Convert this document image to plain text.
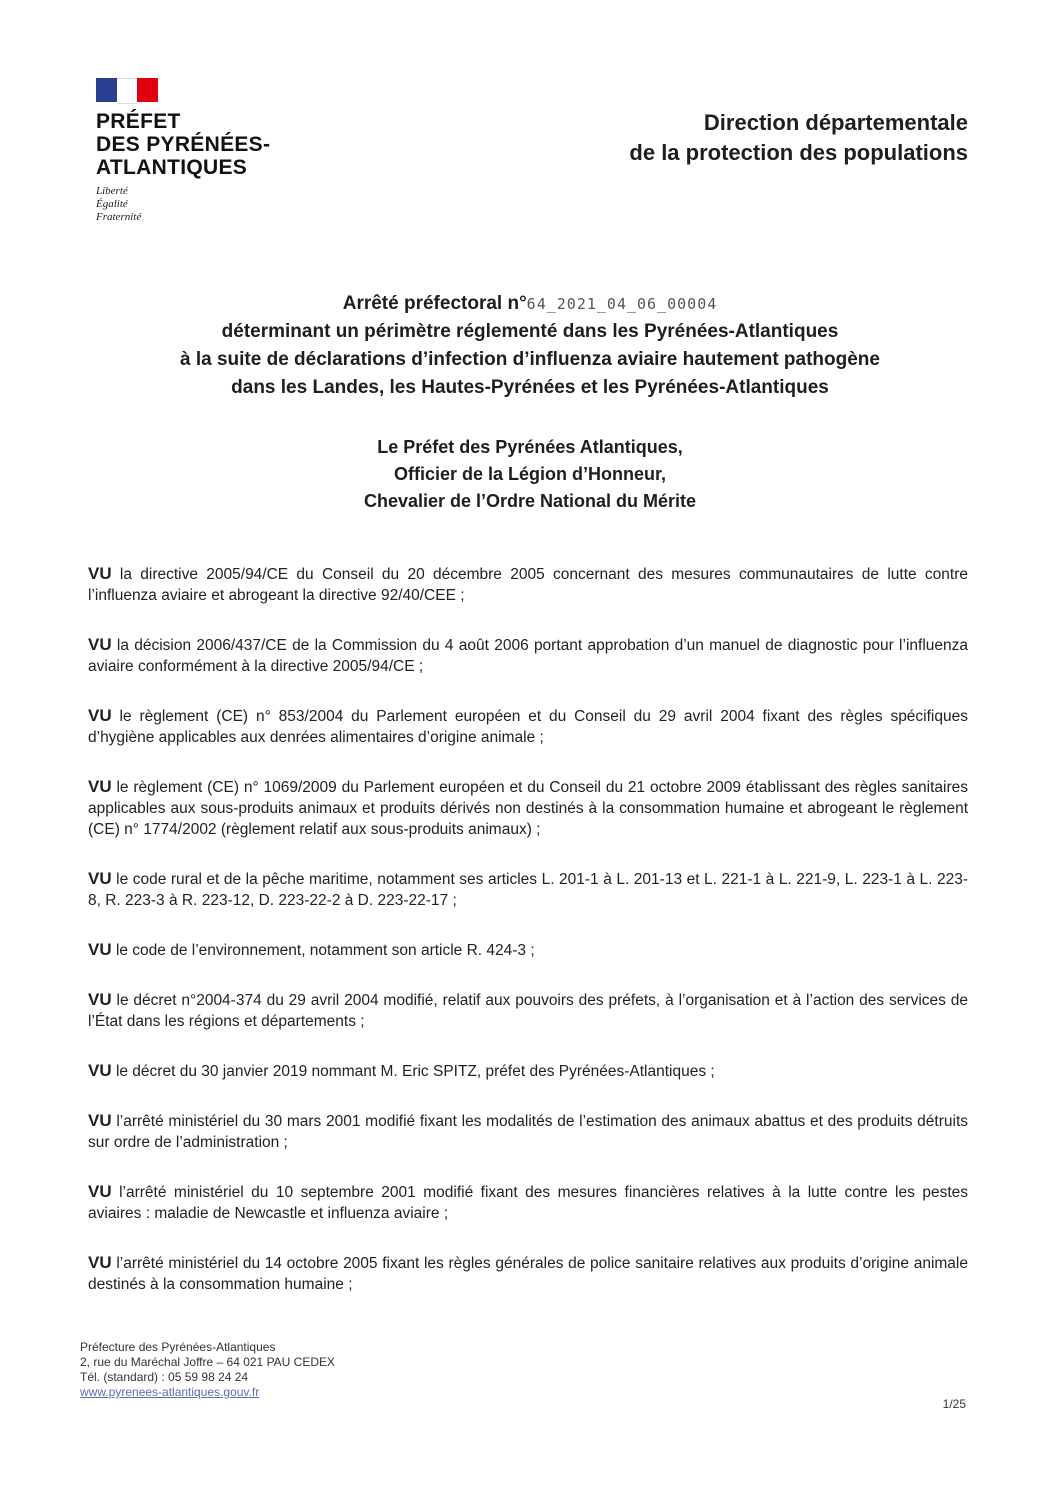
PRÉFET
DES PYRÉNÉES-
ATLANTIQUES
Liberté
Égalité
Fraternité
Direction départementale
de la protection des populations
Arrêté préfectoral n°64_2021_04_06_00004
déterminant un périmètre réglementé dans les Pyrénées-Atlantiques
à la suite de déclarations d’infection d’influenza aviaire hautement pathogène
dans les Landes, les Hautes-Pyrénées et les Pyrénées-Atlantiques
Le Préfet des Pyrénées Atlantiques,
Officier de la Légion d’Honneur,
Chevalier de l’Ordre National du Mérite

VU la directive 2005/94/CE du Conseil du 20 décembre 2005 concernant des mesures communautaires de lutte contre l’influenza aviaire et abrogeant la directive 92/40/CEE ;

VU la décision 2006/437/CE de la Commission du 4 août 2006 portant approbation d’un manuel de diagnostic pour l’influenza aviaire conformément à la directive 2005/94/CE ;

VU le règlement (CE) n° 853/2004 du Parlement européen et du Conseil du 29 avril 2004 fixant des règles spécifiques d’hygiène applicables aux denrées alimentaires d’origine animale ;

VU le règlement (CE) n° 1069/2009 du Parlement européen et du Conseil du 21 octobre 2009 établissant des règles sanitaires applicables aux sous-produits animaux et produits dérivés non destinés à la consommation humaine et abrogeant le règlement (CE) n° 1774/2002 (règlement relatif aux sous-produits animaux) ;

VU le code rural et de la pêche maritime, notamment ses articles L. 201-1 à L. 201-13 et L. 221-1 à L. 221-9, L. 223-1 à L. 223-8, R. 223-3 à R. 223-12, D. 223-22-2 à D. 223-22-17 ;

VU le code de l’environnement, notamment son article R. 424-3 ;

VU le décret n°2004-374 du 29 avril 2004 modifié, relatif aux pouvoirs des préfets, à l’organisation et à l’action des services de l’État dans les régions et départements ;

VU le décret du 30 janvier 2019 nommant M. Eric SPITZ, préfet des Pyrénées-Atlantiques ;

VU l’arrêté ministériel du 30 mars 2001 modifié fixant les modalités de l’estimation des animaux abattus et des produits détruits sur ordre de l’administration ;

VU l’arrêté ministériel du 10 septembre 2001 modifié fixant des mesures financières relatives à la lutte contre les pestes aviaires : maladie de Newcastle et influenza aviaire ;

VU l’arrêté ministériel du 14 octobre 2005 fixant les règles générales de police sanitaire relatives aux produits d’origine animale destinés à la consommation humaine ;

Préfecture des Pyrénées-Atlantiques
2, rue du Maréchal Joffre – 64 021 PAU CEDEX
Tél. (standard) : 05 59 98 24 24
www.pyrenees-atlantiques.gouv.fr
1/25
